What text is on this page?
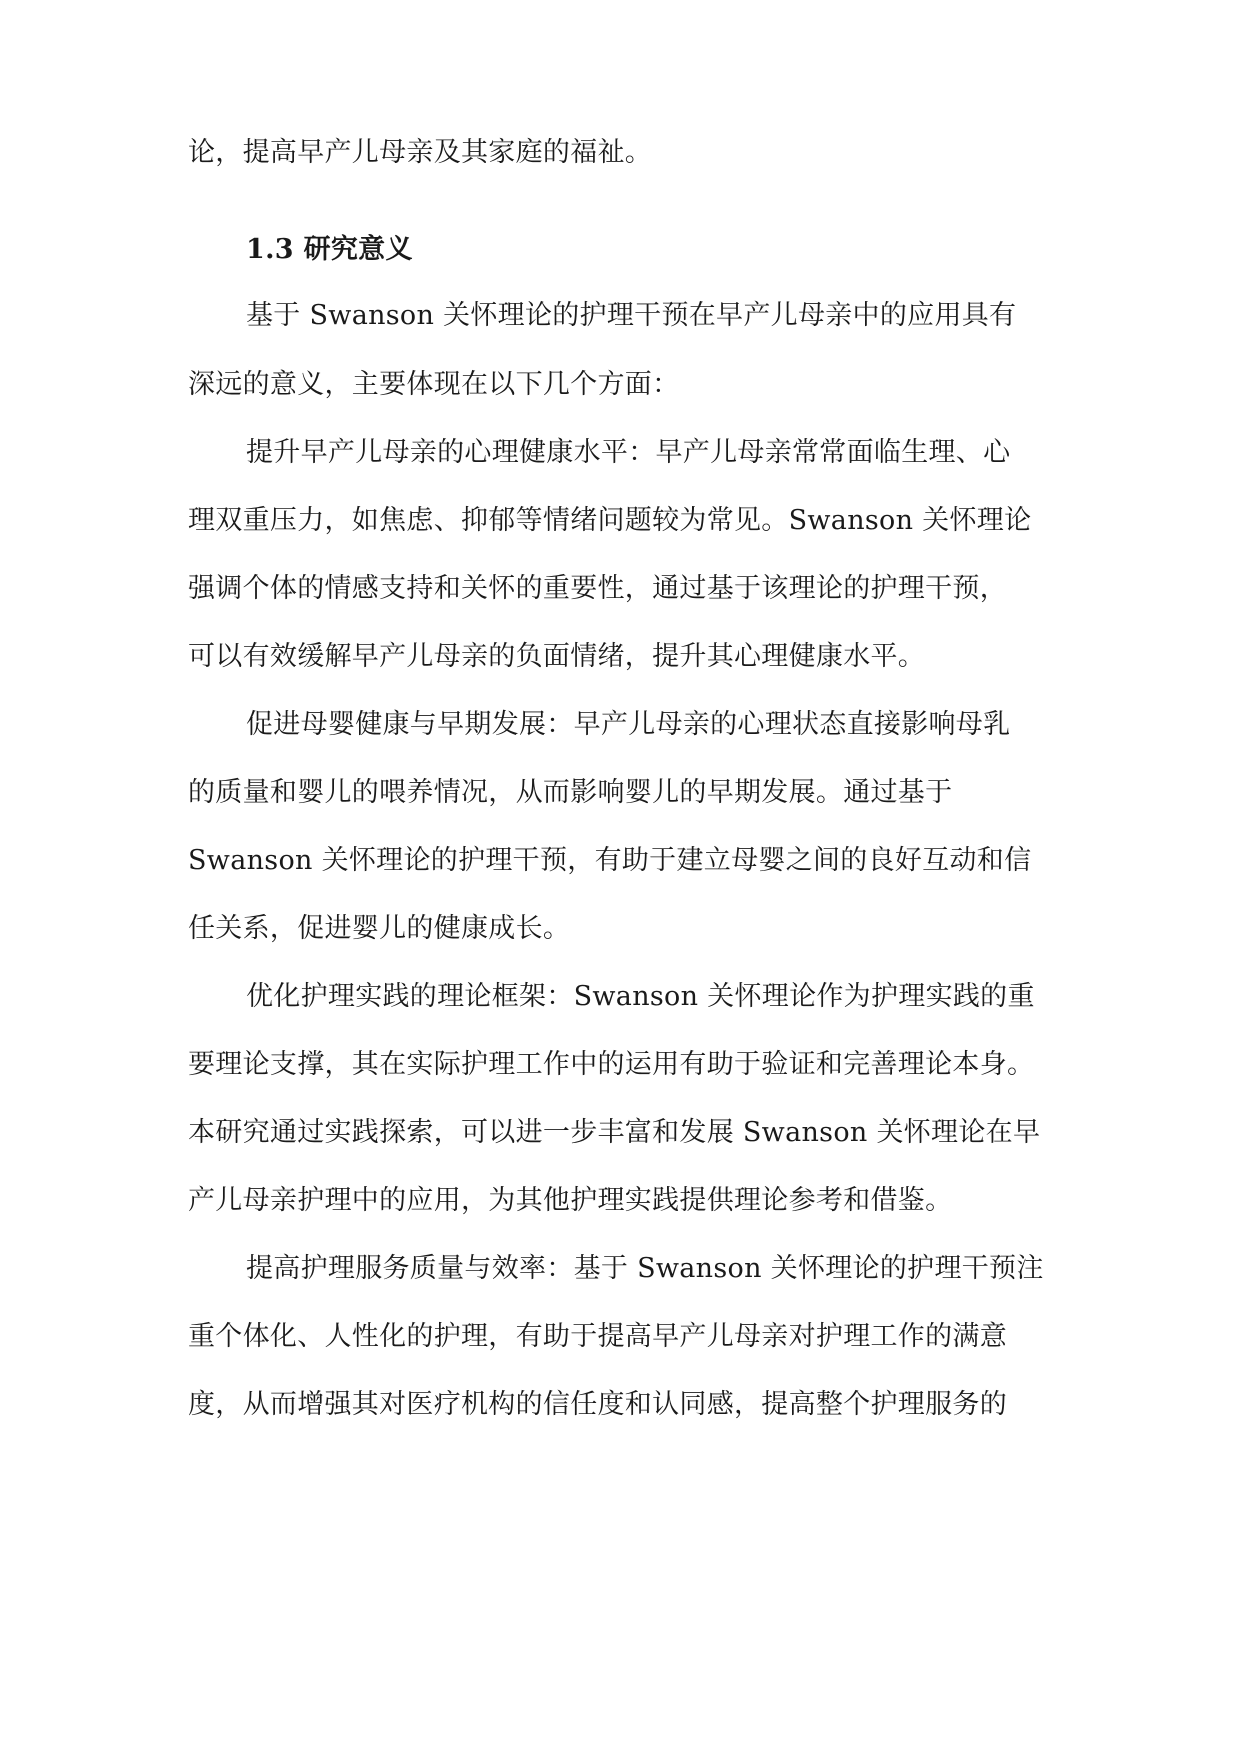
论，提高早产儿母亲及其家庭的福祉。

1.3 研究意义

基于 Swanson 关怀理论的护理干预在早产儿母亲中的应用具有

深远的意义，主要体现在以下几个方面：

提升早产儿母亲的心理健康水平：早产儿母亲常常面临生理、心

理双重压力，如焦虑、抑郁等情绪问题较为常见。Swanson 关怀理论

强调个体的情感支持和关怀的重要性，通过基于该理论的护理干预，

可以有效缓解早产儿母亲的负面情绪，提升其心理健康水平。

促进母婴健康与早期发展：早产儿母亲的心理状态直接影响母乳

的质量和婴儿的喂养情况，从而影响婴儿的早期发展。通过基于

Swanson 关怀理论的护理干预，有助于建立母婴之间的良好互动和信

任关系，促进婴儿的健康成长。

优化护理实践的理论框架：Swanson 关怀理论作为护理实践的重

要理论支撑，其在实际护理工作中的运用有助于验证和完善理论本身。

本研究通过实践探索，可以进一步丰富和发展 Swanson 关怀理论在早

产儿母亲护理中的应用，为其他护理实践提供理论参考和借鉴。

提高护理服务质量与效率：基于 Swanson 关怀理论的护理干预注

重个体化、人性化的护理，有助于提高早产儿母亲对护理工作的满意

度，从而增强其对医疗机构的信任度和认同感，提高整个护理服务的
